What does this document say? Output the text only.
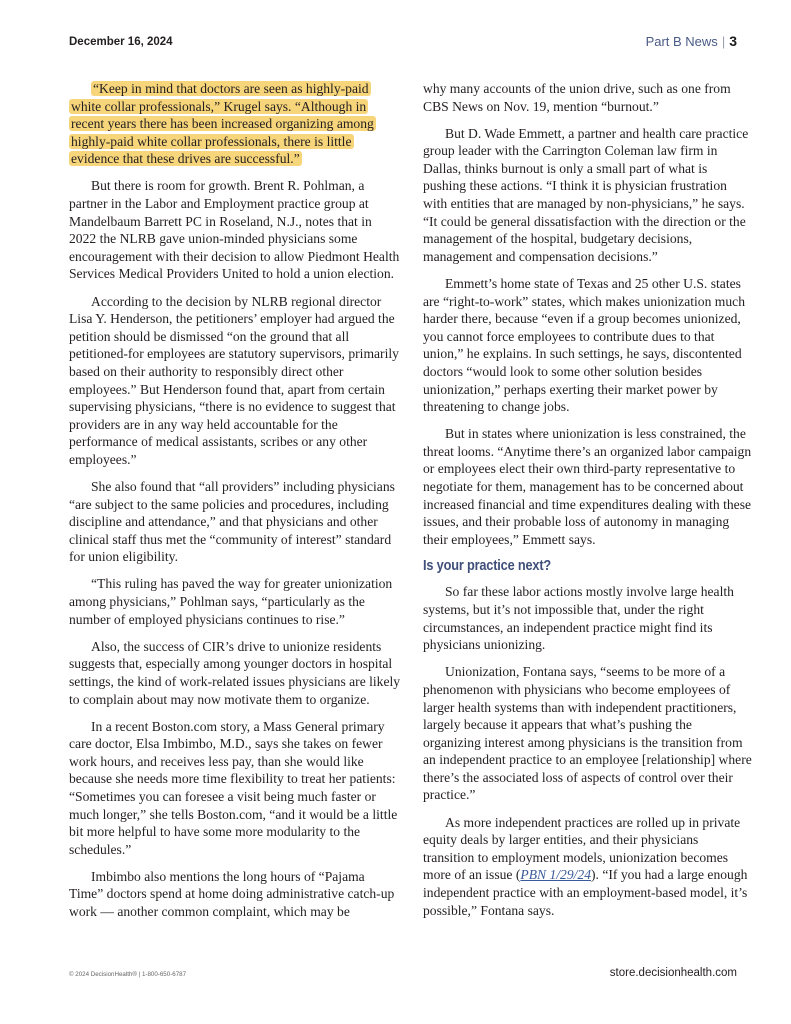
December 16, 2024	Part B News | 3

“Keep in mind that doctors are seen as highly-paid white collar professionals,” Krugel says. “Although in recent years there has been increased organizing among highly-paid white collar professionals, there is little evidence that these drives are successful.”

But there is room for growth. Brent R. Pohlman, a partner in the Labor and Employment practice group at Mandelbaum Barrett PC in Roseland, N.J., notes that in 2022 the NLRB gave union-minded physicians some encouragement with their decision to allow Piedmont Health Services Medical Providers United to hold a union election.

According to the decision by NLRB regional director Lisa Y. Henderson, the petitioners’ employer had argued the petition should be dismissed “on the ground that all petitioned-for employees are statutory supervisors, primarily based on their authority to responsibly direct other employees.” But Henderson found that, apart from certain supervising physicians, “there is no evidence to suggest that providers are in any way held accountable for the performance of medical assistants, scribes or any other employees.”

She also found that “all providers” including physicians “are subject to the same policies and procedures, including discipline and attendance,” and that physicians and other clinical staff thus met the “community of interest” standard for union eligibility.

“This ruling has paved the way for greater unionization among physicians,” Pohlman says, “particularly as the number of employed physicians continues to rise.”

Also, the success of CIR’s drive to unionize residents suggests that, especially among younger doctors in hospital settings, the kind of work-related issues physicians are likely to complain about may now motivate them to organize.

In a recent Boston.com story, a Mass General primary care doctor, Elsa Imbimbo, M.D., says she takes on fewer work hours, and receives less pay, than she would like because she needs more time flexibility to treat her patients: “Sometimes you can foresee a visit being much faster or much longer,” she tells Boston.com, “and it would be a little bit more helpful to have some more modularity to the schedules.”

Imbimbo also mentions the long hours of “Pajama Time” doctors spend at home doing administrative catch-up work — another common complaint, which may be

why many accounts of the union drive, such as one from CBS News on Nov. 19, mention “burnout.”

But D. Wade Emmett, a partner and health care practice group leader with the Carrington Coleman law firm in Dallas, thinks burnout is only a small part of what is pushing these actions. “I think it is physician frustration with entities that are managed by non-physicians,” he says. “It could be general dissatisfaction with the direction or the management of the hospital, budgetary decisions, management and compensation decisions.”

Emmett’s home state of Texas and 25 other U.S. states are “right-to-work” states, which makes unionization much harder there, because “even if a group becomes unionized, you cannot force employees to contribute dues to that union,” he explains. In such settings, he says, discontented doctors “would look to some other solution besides unionization,” perhaps exerting their market power by threatening to change jobs.

But in states where unionization is less constrained, the threat looms. “Anytime there’s an organized labor campaign or employees elect their own third-party representative to negotiate for them, management has to be concerned about increased financial and time expenditures dealing with these issues, and their probable loss of autonomy in managing their employees,” Emmett says.

Is your practice next?

So far these labor actions mostly involve large health systems, but it’s not impossible that, under the right circumstances, an independent practice might find its physicians unionizing.

Unionization, Fontana says, “seems to be more of a phenomenon with physicians who become employees of larger health systems than with independent practitioners, largely because it appears that what’s pushing the organizing interest among physicians is the transition from an independent practice to an employee [relationship] where there’s the associated loss of aspects of control over their practice.”

As more independent practices are rolled up in private equity deals by larger entities, and their physicians transition to employment models, unionization becomes more of an issue (PBN 1/29/24). “If you had a large enough independent practice with an employment-based model, it’s possible,” Fontana says.

© 2024 DecisionHealth® | 1-800-650-6787	store.decisionhealth.com
